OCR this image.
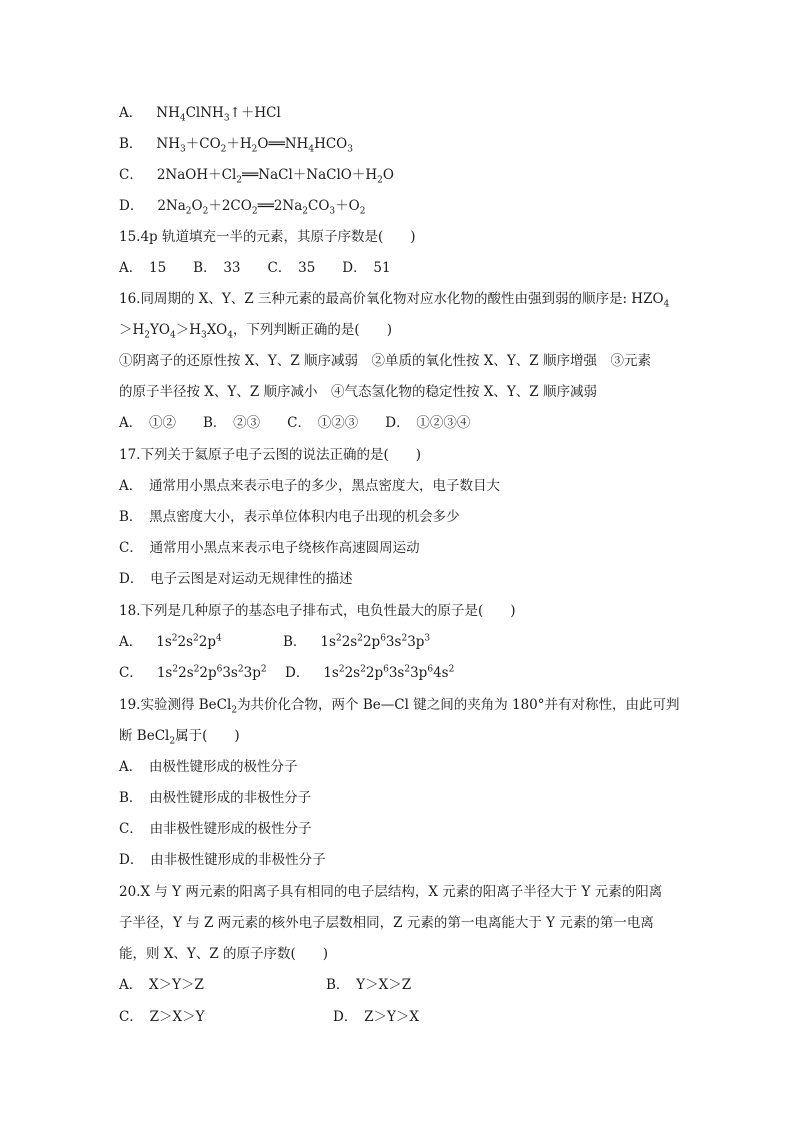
A． $NH_4ClNH_3↑+HCl$
B． $NH_3+CO_2+H_2O══NH_4HCO_3$
C． $2NaOH+Cl_2══NaCl+NaClO+H_2O$
D． $2Na_2O_2+2CO_2══2Na_2CO_3+O_2$
15.4p 轨道填充一半的元素，其原子序数是(　　)
A．　15　　B．　33　　C．　35　　D．　51
16.同周期的 X、Y、Z 三种元素的最高价氧化物对应水化物的酸性由强到弱的顺序是: $HZO_4$
$>H_2YO_4>H_3XO_4$，下列判断正确的是(　　)
①阴离子的还原性按 X、Y、Z 顺序减弱　②单质的氧化性按 X、Y、Z 顺序增强　③元素
的原子半径按 X、Y、Z 顺序减小　④气态氢化物的稳定性按 X、Y、Z 顺序减弱
A．　①②　　B．　②③　　C．　①②③　　D．　①②③④
17.下列关于氦原子电子云图的说法正确的是(　　)
A．　通常用小黑点来表示电子的多少，黑点密度大，电子数目大
B．　黑点密度大小，表示单位体积内电子出现的机会多少
C．　通常用小黑点来表示电子绕核作高速圆周运动
D．　电子云图是对运动无规律性的描述
18.下列是几种原子的基态电子排布式，电负性最大的原子是(　　)
A． $1s^22s^22p^4$	B． $1s^22s^22p^63s^23p^3$
C． $1s^22s^22p^63s^23p^2$ D． $1s^22s^22p^63s^23p^64s^2$
19.实验测得 BeCl$_2$为共价化合物，两个 Be—Cl 键之间的夹角为 180°并有对称性，由此可判
断 BeCl$_2$属于(　　)
A．　由极性键形成的极性分子
B．　由极性键形成的非极性分子
C．　由非极性键形成的极性分子
D．　由非极性键形成的非极性分子
20.X 与 Y 两元素的阳离子具有相同的电子层结构，X 元素的阳离子半径大于 Y 元素的阳离
子半径，Y 与 Z 两元素的核外电子层数相同，Z 元素的第一电离能大于 Y 元素的第一电离
能，则 X、Y、Z 的原子序数(　　)
A．　X＞Y＞Z	B．　Y＞X＞Z
C．　Z＞X＞Y	D．　Z＞Y＞X
